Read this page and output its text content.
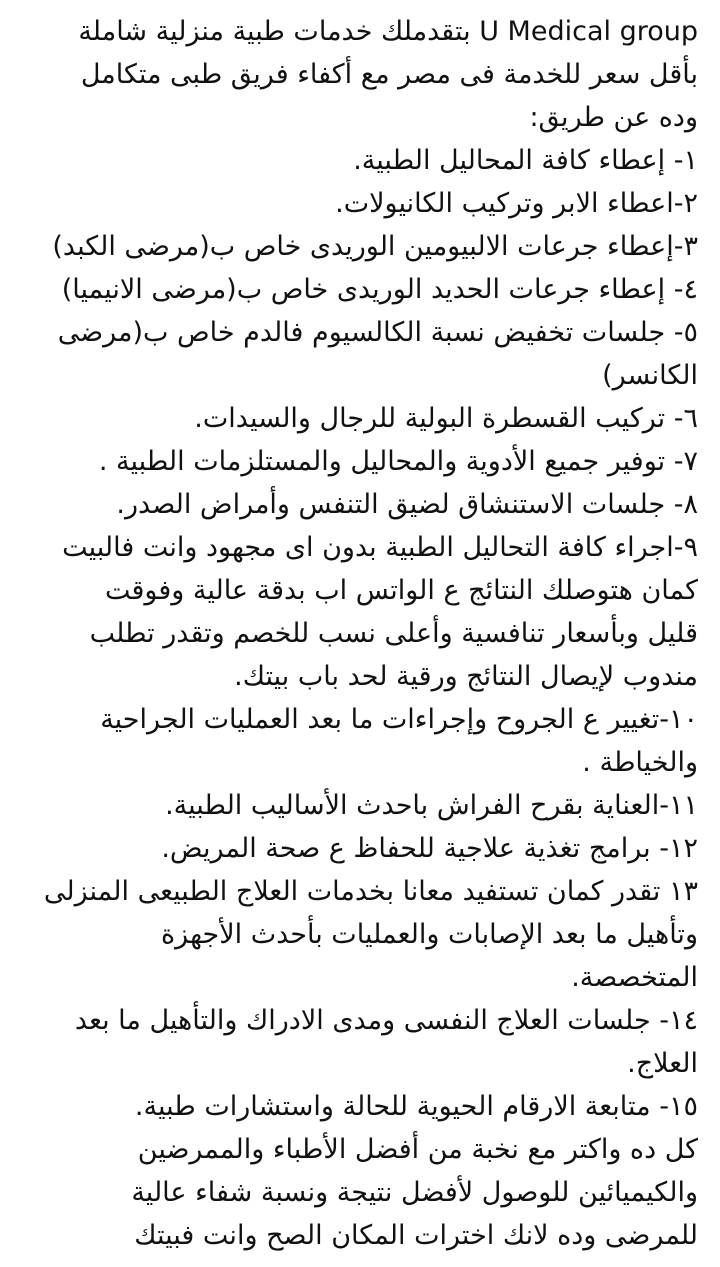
U Medical group بتقدملك خدمات طبية منزلية شاملة
بأقل سعر للخدمة فى مصر مع أكفاء فريق طبى متكامل
وده عن طريق:
١- إعطاء كافة المحاليل الطبية.
٢-اعطاء الابر وتركيب الكانيولات.
٣-إعطاء جرعات الالبيومين الوريدى خاص ب(مرضى الكبد)
٤- إعطاء جرعات الحديد الوريدى خاص ب(مرضى الانيميا)
٥- جلسات تخفيض نسبة الكالسيوم فالدم خاص ب(مرضى
الكانسر)
٦- تركيب القسطرة البولية للرجال والسيدات.
٧- توفير جميع الأدوية والمحاليل والمستلزمات الطبية .
٨- جلسات الاستنشاق لضيق التنفس وأمراض الصدر.
٩-اجراء كافة التحاليل الطبية بدون اى مجهود وانت فالبيت
كمان هتوصلك النتائج ع الواتس اب بدقة عالية وفوقت
قليل وبأسعار تنافسية وأعلى نسب للخصم وتقدر تطلب
مندوب لإيصال النتائج ورقية لحد باب بيتك.
١٠-تغيير ع الجروح وإجراءات ما بعد العمليات الجراحية
والخياطة .
١١-العناية بقرح الفراش باحدث الأساليب الطبية.
١٢- برامج تغذية علاجية للحفاظ ع صحة المريض.
١٣ تقدر كمان تستفيد معانا بخدمات العلاج الطبيعى المنزلى
وتأهيل ما بعد الإصابات والعمليات بأحدث الأجهزة
المتخصصة.
١٤- جلسات العلاج النفسى ومدى الادراك والتأهيل ما بعد
العلاج.
١٥- متابعة الارقام الحيوية للحالة واستشارات طبية.
كل ده واكتر مع نخبة من أفضل الأطباء والممرضين
والكيميائين للوصول لأفضل نتيجة ونسبة شفاء عالية
للمرضى وده لانك اخترات المكان الصح وانت فبيتك
